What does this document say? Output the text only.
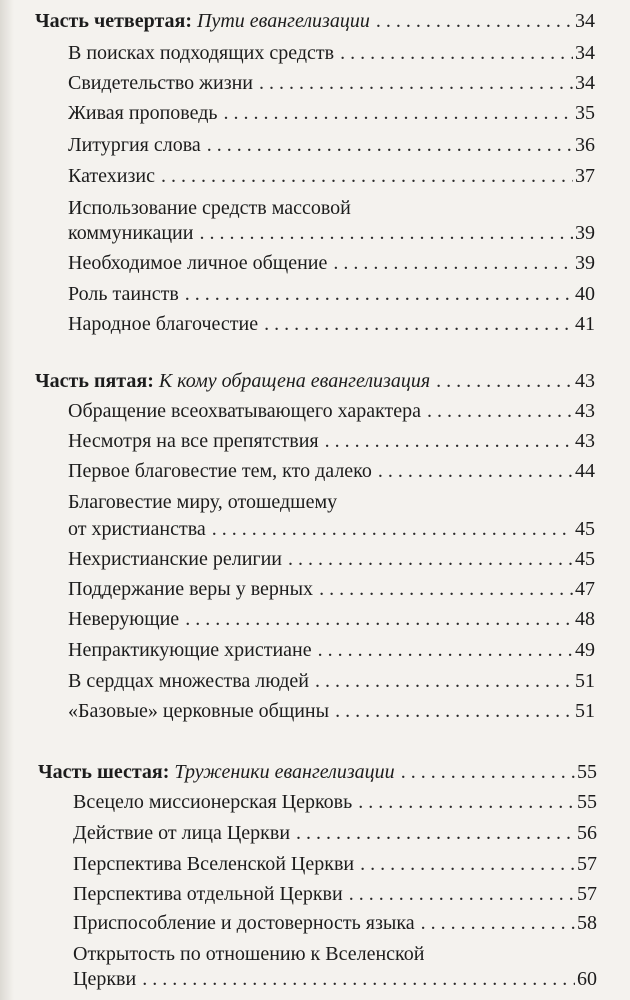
Часть четвертая: Пути евангелизации . . .	34
В поисках подходящих средств . . .	34
Свидетельство жизни . . .	34
Живая проповедь . . .	35
Литургия слова . . .	36
Катехизис . . .	37
Использование средств массовой
коммуникации . . .	39
Необходимое личное общение . . .	39
Роль таинств . . .	40
Народное благочестие . . .	41
Часть пятая: К кому обращена евангелизация . . .	43
Обращение всеохватывающего характера . . .	43
Несмотря на все препятствия . . .	43
Первое благовестие тем, кто далеко . . .	44
Благовестие миру, отошедшему
от христианства . . .	45
Нехристианские религии . . .	45
Поддержание веры у верных . . .	47
Неверующие . . .	48
Непрактикующие христиане . . .	49
В сердцах множества людей . . .	51
«Базовые» церковные общины . . .	51
Часть шестая: Труженики евангелизации . . .	55
Всецело миссионерская Церковь . . .	55
Действие от лица Церкви . . .	56
Перспектива Вселенской Церкви . . .	57
Перспектива отдельной Церкви . . .	57
Приспособление и достоверность языка . . .	58
Открытость по отношению к Вселенской
Церкви . . .	60
